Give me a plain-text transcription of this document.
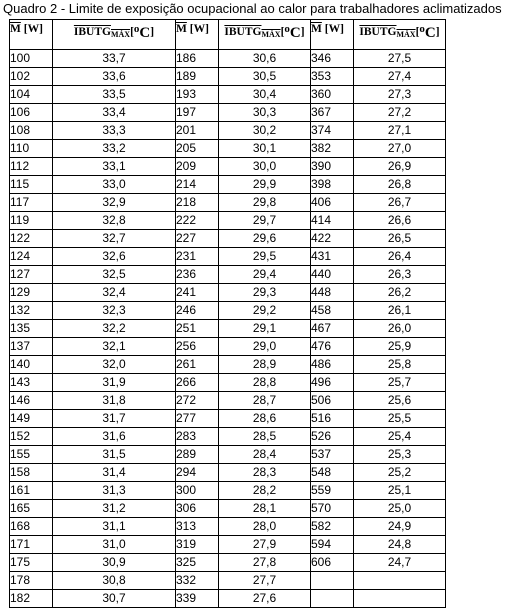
Quadro 2 - Limite de exposição ocupacional ao calor para trabalhadores aclimatizados
$\overline{M}$ [W]	$IBUTG_{MÁX}[oC]$	$\overline{M}$ [W]	$IBUTG_{MÁX}[oC]$	$\overline{M}$ [W]	$IBUTG_{MÁX}[oC]$
100	33,7	186	30,6	346	27,5
102	33,6	189	30,5	353	27,4
104	33,5	193	30,4	360	27,3
106	33,4	197	30,3	367	27,2
108	33,3	201	30,2	374	27,1
110	33,2	205	30,1	382	27,0
112	33,1	209	30,0	390	26,9
115	33,0	214	29,9	398	26,8
117	32,9	218	29,8	406	26,7
119	32,8	222	29,7	414	26,6
122	32,7	227	29,6	422	26,5
124	32,6	231	29,5	431	26,4
127	32,5	236	29,4	440	26,3
129	32,4	241	29,3	448	26,2
132	32,3	246	29,2	458	26,1
135	32,2	251	29,1	467	26,0
137	32,1	256	29,0	476	25,9
140	32,0	261	28,9	486	25,8
143	31,9	266	28,8	496	25,7
146	31,8	272	28,7	506	25,6
149	31,7	277	28,6	516	25,5
152	31,6	283	28,5	526	25,4
155	31,5	289	28,4	537	25,3
158	31,4	294	28,3	548	25,2
161	31,3	300	28,2	559	25,1
165	31,2	306	28,1	570	25,0
168	31,1	313	28,0	582	24,9
171	31,0	319	27,9	594	24,8
175	30,9	325	27,8	606	24,7
178	30,8	332	27,7		
182	30,7	339	27,6		
